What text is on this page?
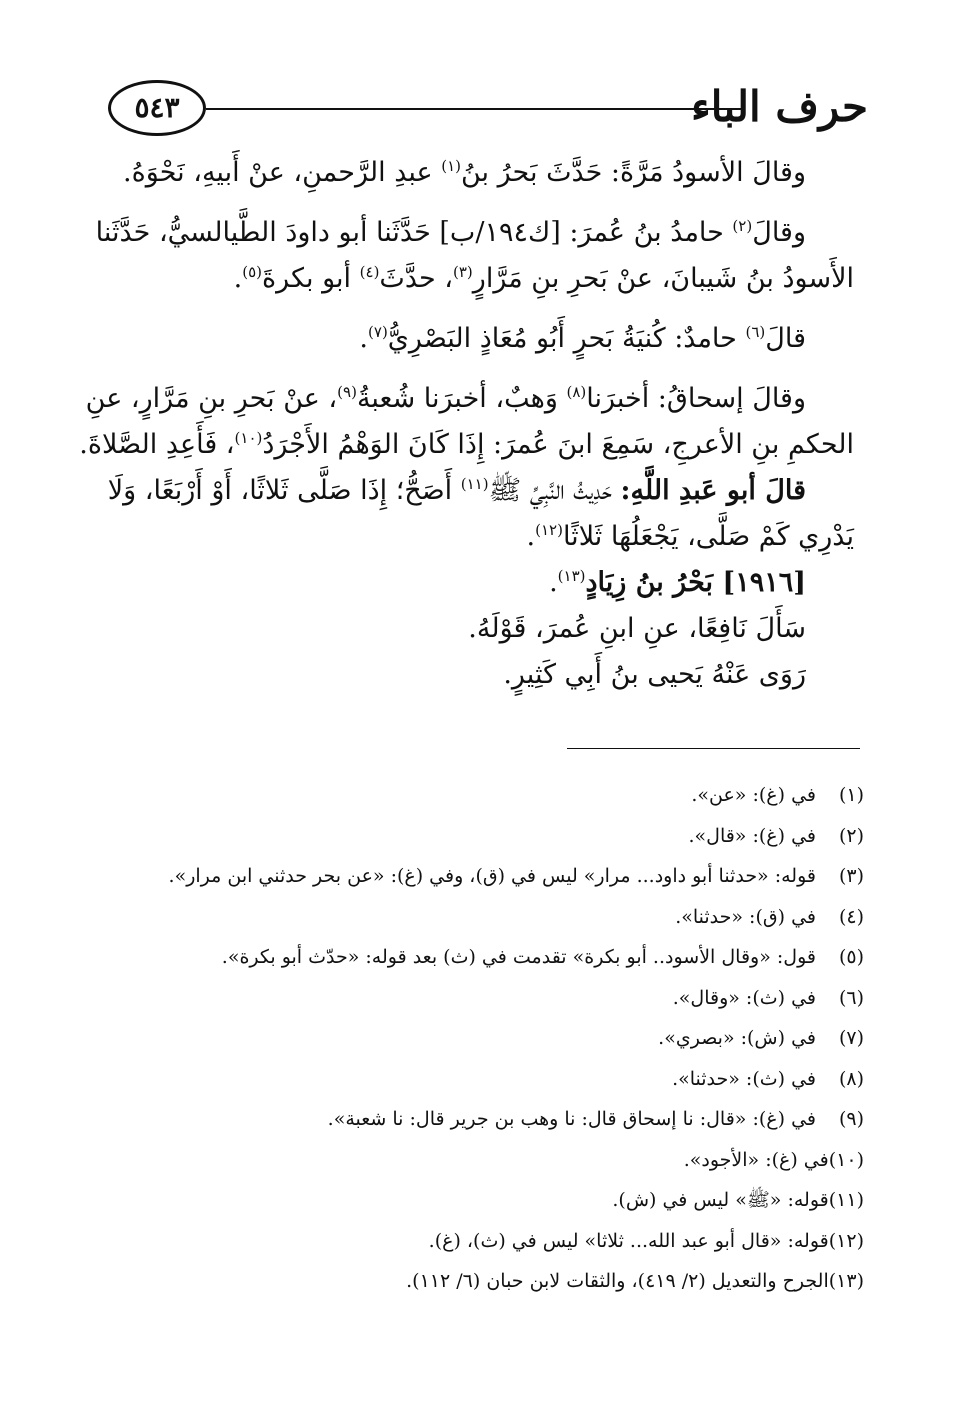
حرف الباء
٥٤٣
وقالَ الأسودُ مَرَّةً: حَدَّثَ بَحرُ بنُ$^{(١)}$ عبدِ الرَّحمنِ، عنْ أَبيهِ، نَحْوَهُ.
وقالَ$^{(٢)}$ حامدُ بنُ عُمرَ: [ك١٩٤/ب] حَدَّثَنا أبو داودَ الطَّيالسيُّ، حَدَّثَنا
الأَسودُ بنُ شَيبانَ، عنْ بَحرِ بنِ مَرَّارٍ$^{(٣)}$، حدَّثَ$^{(٤)}$ أبو بكرةَ$^{(٥)}$.
قالَ$^{(٦)}$ حامدٌ: كُنيَةُ بَحرٍ أَبُو مُعَاذٍ البَصْرِيُّ$^{(٧)}$.
وقالَ إسحاقُ: أخبرَنا$^{(٨)}$ وَهبٌ، أخبرَنا شُعبةُ$^{(٩)}$، عنْ بَحرِ بنِ مَرَّارٍ، عنِ
الحكمِ بنِ الأعرجِ، سَمِعَ ابنَ عُمرَ: إِذَا كَانَ الوَهْمُ الأَجْرَدُ$^{(١٠)}$، فَأَعِدِ الصَّلاةَ.
قالَ أبو عَبدِ اللَّهِ: حَدِيثُ النَّبِيِّ ﷺ$^{(١١)}$ أَصَحُّ؛ إِذَا صَلَّى ثَلاثًا، أَوْ أَرْبَعًا، وَلَا
يَدْرِي كَمْ صَلَّى، يَجْعَلُهَا ثَلاثًا$^{(١٢)}$.
[١٩١٦] بَحْرُ بنُ زِيَادٍ$^{(١٣)}$.
سَأَلَ نَافِعًا، عنِ ابنِ عُمرَ، قَوْلَهُ.
رَوَى عَنْهُ يَحيى بنُ أَبِي كَثِيرٍ.
(١)في (غ): «عن».
(٢)في (غ): «قال».
(٣)قوله: «حدثنا أبو داود... مرار» ليس في (ق)، وفي (غ): «عن بحر حدثني ابن مرار».
(٤)في (ق): «حدثنا».
(٥)قول: «وقال الأسود.. أبو بكرة» تقدمت في (ث) بعد قوله: «حدّث أبو بكرة».
(٦)في (ث): «وقال».
(٧)في (ش): «بصري».
(٨)في (ث): «حدثنا».
(٩)في (غ): «قال: نا إسحاق قال: نا وهب بن جرير قال: نا شعبة».
(١٠)في (غ): «الأجود».
(١١)قوله: «ﷺ» ليس في (ش).
(١٢)قوله: «قال أبو عبد الله... ثلاثا» ليس في (ث)، (غ).
(١٣)الجرح والتعديل (٢/ ٤١٩)، والثقات لابن حبان (٦/ ١١٢).
